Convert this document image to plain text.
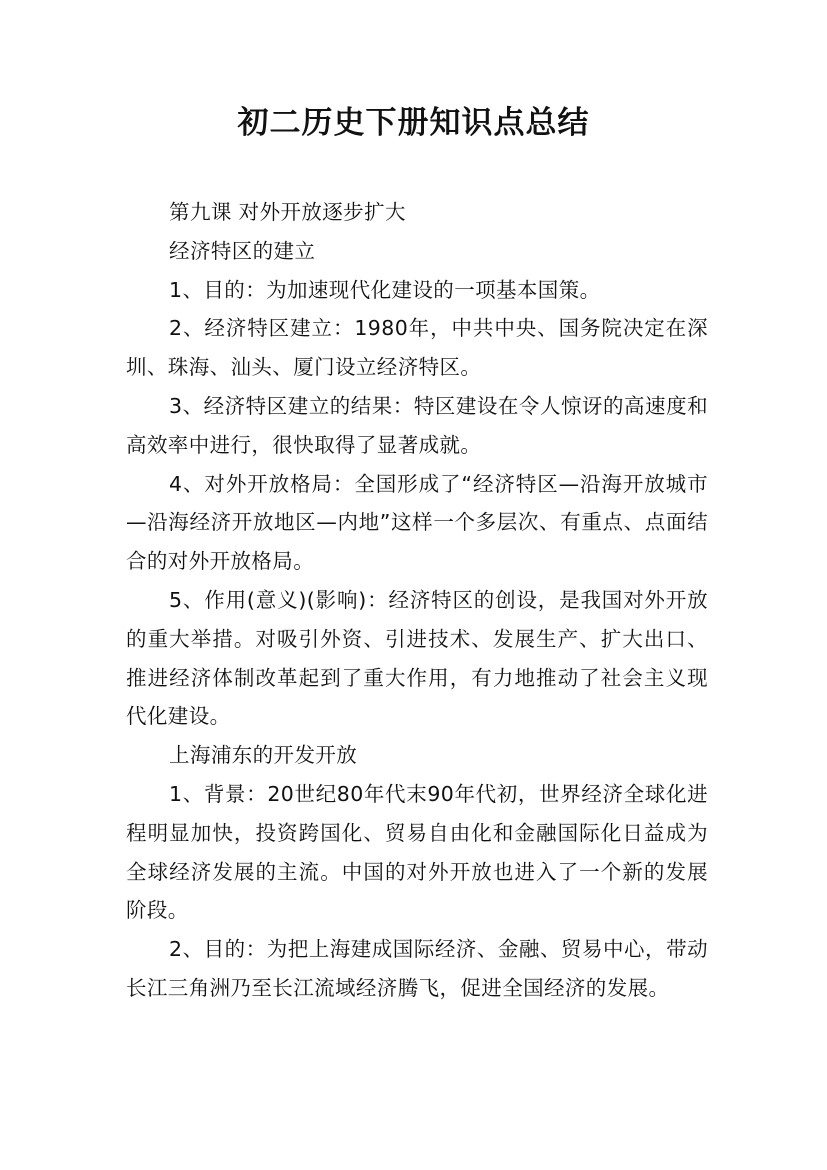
初二历史下册知识点总结

第九课 对外开放逐步扩大

经济特区的建立

1、目的：为加速现代化建设的一项基本国策。

2、经济特区建立：1980年，中共中央、国务院决定在深圳、珠海、汕头、厦门设立经济特区。

3、经济特区建立的结果：特区建设在令人惊讶的高速度和高效率中进行，很快取得了显著成就。

4、对外开放格局：全国形成了“经济特区—沿海开放城市—沿海经济开放地区—内地”这样一个多层次、有重点、点面结合的对外开放格局。

5、作用(意义)(影响)：经济特区的创设，是我国对外开放的重大举措。对吸引外资、引进技术、发展生产、扩大出口、推进经济体制改革起到了重大作用，有力地推动了社会主义现代化建设。

上海浦东的开发开放

1、背景：20世纪80年代末90年代初，世界经济全球化进程明显加快，投资跨国化、贸易自由化和金融国际化日益成为全球经济发展的主流。中国的对外开放也进入了一个新的发展阶段。

2、目的：为把上海建成国际经济、金融、贸易中心，带动长江三角洲乃至长江流域经济腾飞，促进全国经济的发展。
